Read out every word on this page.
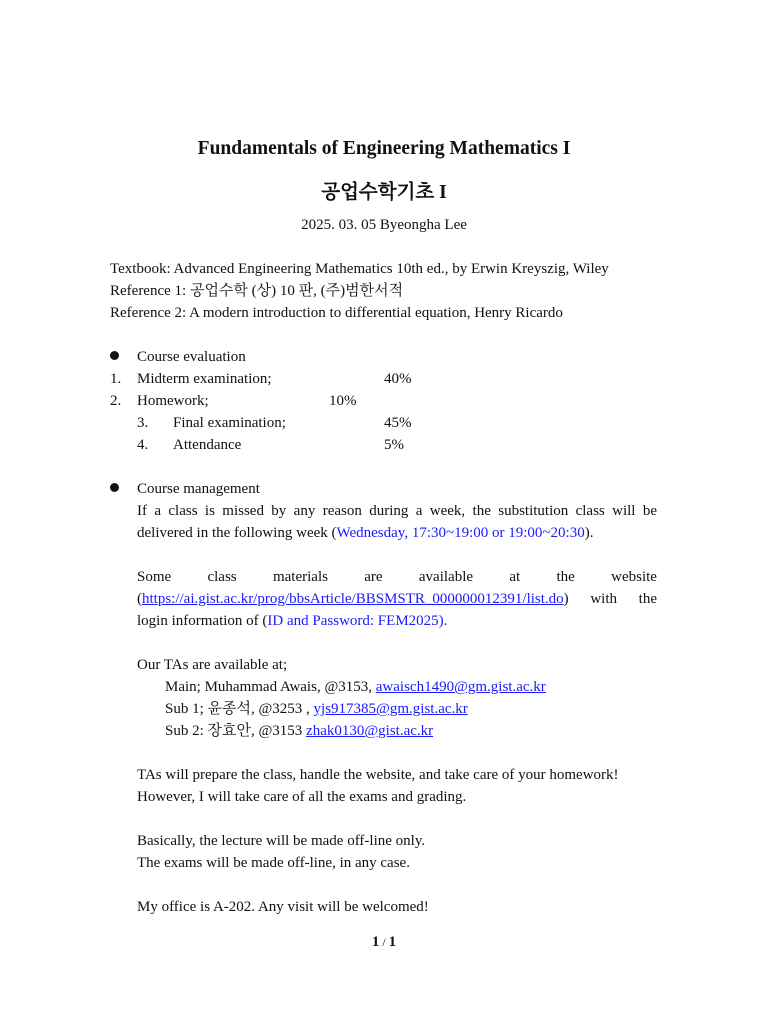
Fundamentals of Engineering Mathematics I
공업수학기초 I
2025. 03. 05 Byeongha Lee
Textbook: Advanced Engineering Mathematics 10th ed., by Erwin Kreyszig, Wiley
Reference 1: 공업수학 (상) 10 판, (주)범한서적
Reference 2: A modern introduction to differential equation, Henry Ricardo
Course evaluation
1. Midterm examination;	40%
2. Homework;	10%
3. Final examination;	45%
4. Attendance	5%
Course management
If a class is missed by any reason during a week, the substitution class will be
delivered in the following week (Wednesday, 17:30~19:00 or 19:00~20:30).
Some class materials are available at the website
(https://ai.gist.ac.kr/prog/bbsArticle/BBSMSTR_000000012391/list.do) with the
login information of (ID and Password: FEM2025).
Our TAs are available at;
Main; Muhammad Awais, @3153, awaisch1490@gm.gist.ac.kr
Sub 1; 윤종석, @3253 , yjs917385@gm.gist.ac.kr
Sub 2: 장효안, @3153 zhak0130@gist.ac.kr
TAs will prepare the class, handle the website, and take care of your homework!
However, I will take care of all the exams and grading.
Basically, the lecture will be made off-line only.
The exams will be made off-line, in any case.
My office is A-202. Any visit will be welcomed!
1 / 1
